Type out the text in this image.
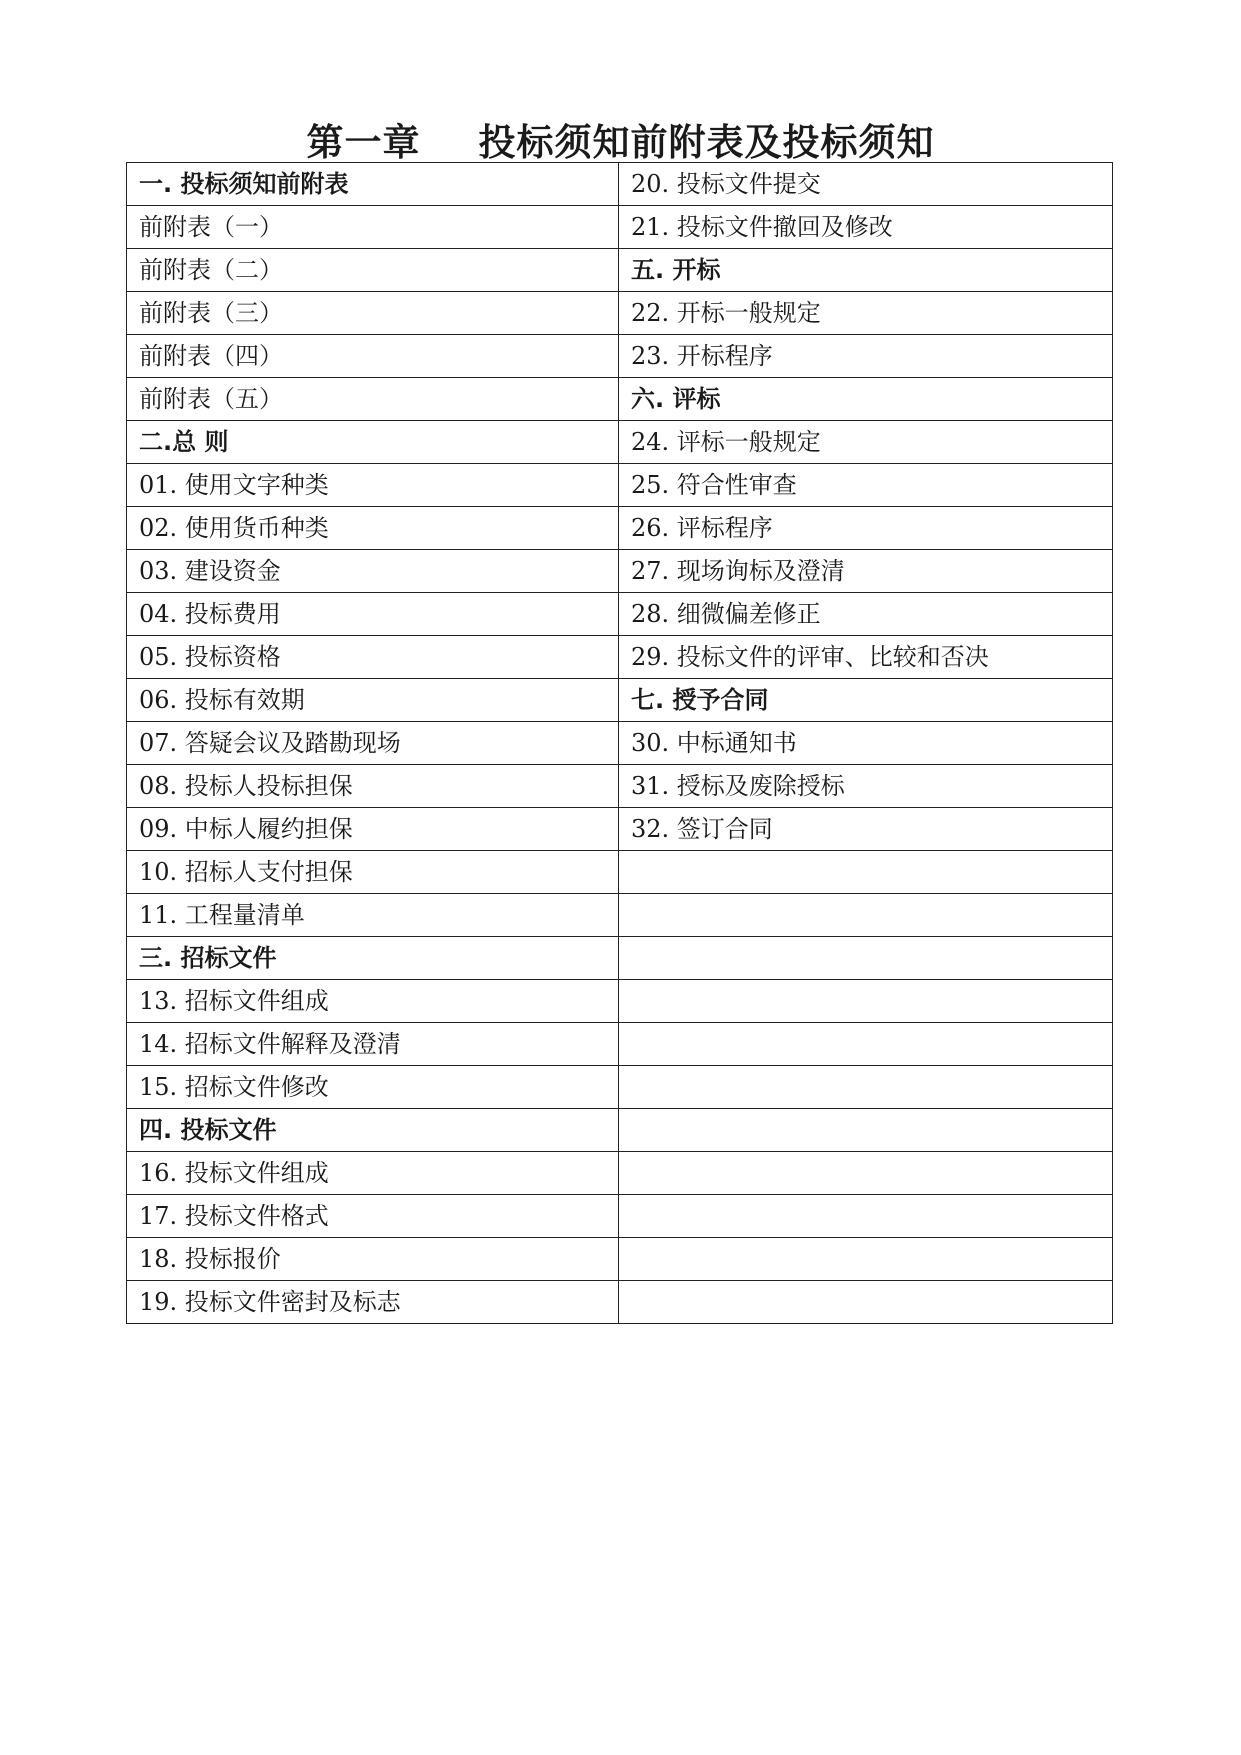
第一章 投标须知前附表及投标须知
一. 投标须知前附表	20. 投标文件提交
前附表（一）	21. 投标文件撤回及修改
前附表（二）	五. 开标
前附表（三）	22. 开标一般规定
前附表（四）	23. 开标程序
前附表（五）	六. 评标
二.总 则	24. 评标一般规定
01. 使用文字种类	25. 符合性审查
02. 使用货币种类	26. 评标程序
03. 建设资金	27. 现场询标及澄清
04. 投标费用	28. 细微偏差修正
05. 投标资格	29. 投标文件的评审、比较和否决
06. 投标有效期	七. 授予合同
07. 答疑会议及踏勘现场	30. 中标通知书
08. 投标人投标担保	31. 授标及废除授标
09. 中标人履约担保	32. 签订合同
10. 招标人支付担保	
11. 工程量清单	
三. 招标文件	
13. 招标文件组成	
14. 招标文件解释及澄清	
15. 招标文件修改	
四. 投标文件	
16. 投标文件组成	
17. 投标文件格式	
18. 投标报价	
19. 投标文件密封及标志	
